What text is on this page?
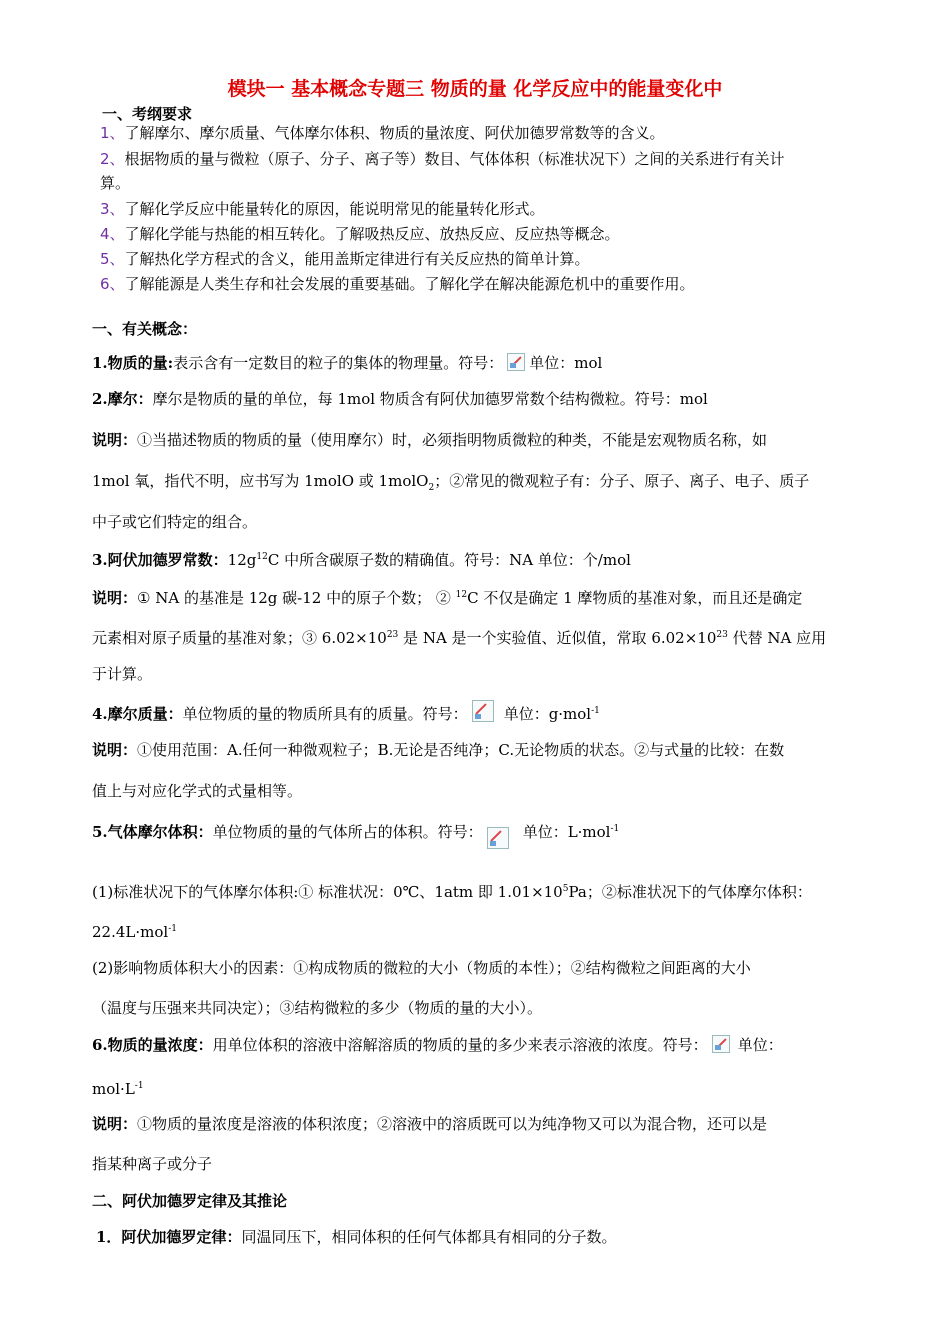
模块一 基本概念专题三 物质的量 化学反应中的能量变化中
一、考纲要求
1、了解摩尔、摩尔质量、气体摩尔体积、物质的量浓度、阿伏加德罗常数等的含义。
2、根据物质的量与微粒（原子、分子、离子等）数目、气体体积（标准状况下）之间的关系进行有关计
算。
3、了解化学反应中能量转化的原因，能说明常见的能量转化形式。
4、了解化学能与热能的相互转化。了解吸热反应、放热反应、反应热等概念。
5、了解热化学方程式的含义，能用盖斯定律进行有关反应热的简单计算。
6、了解能源是人类生存和社会发展的重要基础。了解化学在解决能源危机中的重要作用。
一、有关概念：
1.物质的量:表示含有一定数目的粒子的集体的物理量。符号： 单位：mol
2.摩尔：摩尔是物质的量的单位，每 1mol 物质含有阿伏加德罗常数个结构微粒。符号：mol
说明：①当描述物质的物质的量（使用摩尔）时，必须指明物质微粒的种类，不能是宏观物质名称，如
1mol 氧，指代不明，应书写为 1molO 或 1molO$_2$；②常见的微观粒子有：分子、原子、离子、电子、质子
中子或它们特定的组合。
3.阿伏加德罗常数：$12g^{12}C$ 中所含碳原子数的精确值。符号：NA 单位：个/mol
说明：① NA 的基准是 12g 碳-12 中的原子个数； ② $^{12}$C 不仅是确定 1 摩物质的基准对象，而且还是确定
元素相对原子质量的基准对象；③ $6.02\times 10^{23}$ 是 NA 是一个实验值、近似值，常取 $6.02\times 10^{23}$ 代替 NA 应用
于计算。
4.摩尔质量：单位物质的量的物质所具有的质量。符号： 单位：g·mol$^{-1}$
说明：①使用范围：A.任何一种微观粒子；B.无论是否纯净；C.无论物质的状态。②与式量的比较：在数
值上与对应化学式的式量相等。
5.气体摩尔体积：单位物质的量的气体所占的体积。符号：	单位：L·mol$^{-1}$
(1)标准状况下的气体摩尔体积:① 标准状况：0℃、1atm 即 $1.01\times 10^5Pa$；②标准状况下的气体摩尔体积：
22.4L·mol$^{-1}$
(2)影响物质体积大小的因素：①构成物质的微粒的大小（物质的本性）；②结构微粒之间距离的大小
（温度与压强来共同决定）；③结构微粒的多少（物质的量的大小）。
6.物质的量浓度：用单位体积的溶液中溶解溶质的物质的量的多少来表示溶液的浓度。符号： 单位：
$mol\cdot L^{-1}$
说明：①物质的量浓度是溶液的体积浓度；②溶液中的溶质既可以为纯净物又可以为混合物，还可以是
指某种离子或分子
二、阿伏加德罗定律及其推论
1．阿伏加德罗定律：同温同压下，相同体积的任何气体都具有相同的分子数。
